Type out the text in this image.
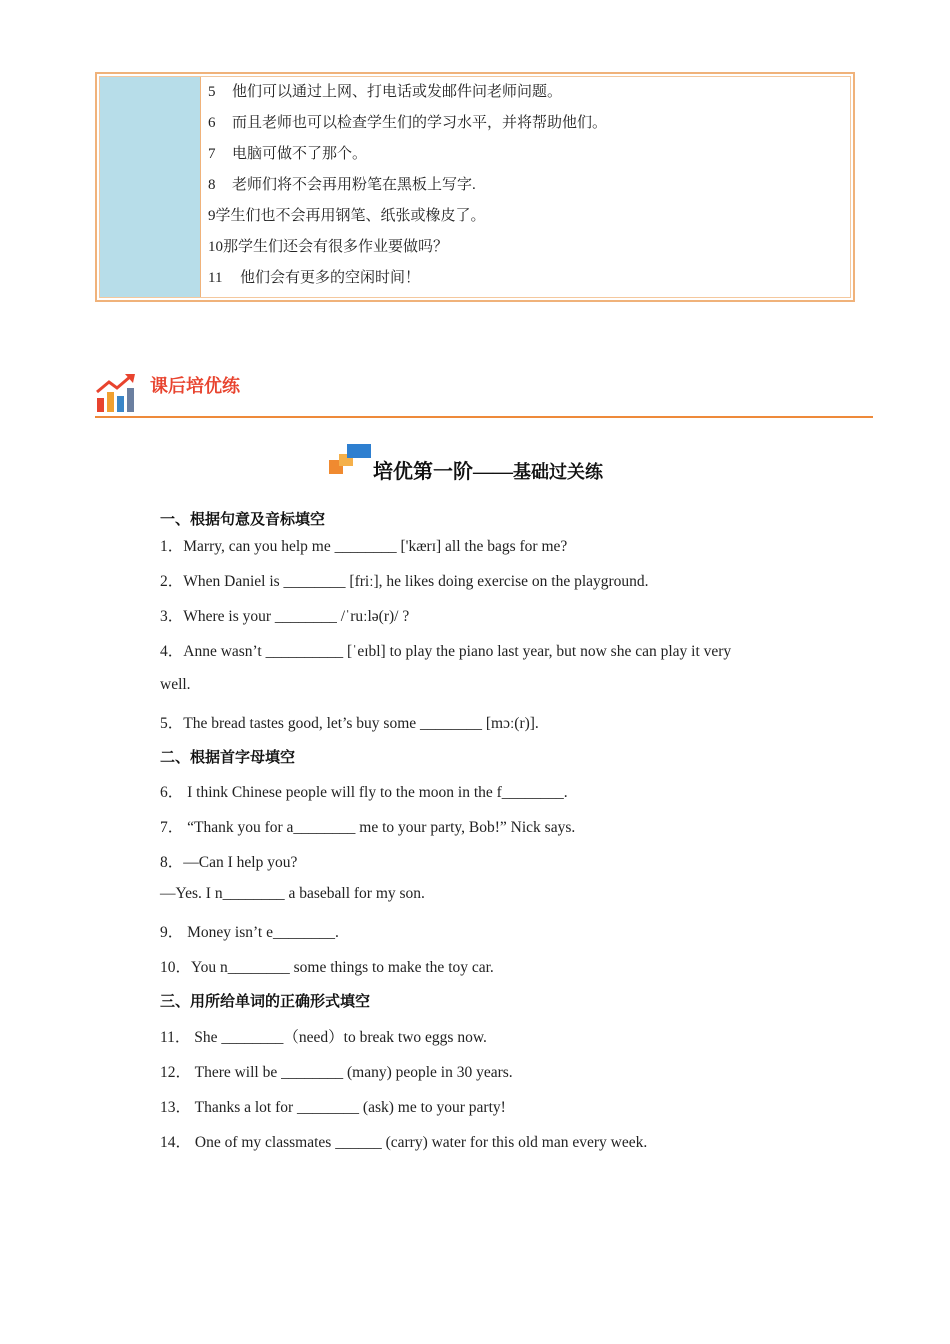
5 他们可以通过上网、打电话或发邮件问老师问题。
6 而且老师也可以检查学生们的学习水平，并将帮助他们。
7 电脑可做不了那个。
8 老师们将不会再用粉笔在黑板上写字.
9学生们也不会再用钢笔、纸张或橡皮了。
10那学生们还会有很多作业要做吗？
11 他们会有更多的空闲时间！
课后培优练
培优第一阶——基础过关练
一、根据句意及音标填空
1．Marry, can you help me ________ ['kærɪ] all the bags for me?
2．When Daniel is ________ [friː], he likes doing exercise on the playground.
3．Where is your ________ /ˈruːlə(r)/ ?
4．Anne wasn’t __________ [ˈeɪbl] to play the piano last year, but now she can play it very
well.
5．The bread tastes good, let’s buy some ________ [mɔː(r)].
二、根据首字母填空
6． I think Chinese people will fly to the moon in the f________.
7． “Thank you for a________ me to your party, Bob!” Nick says.
8．—Can I help you?
—Yes. I n________ a baseball for my son.
9． Money isn’t e________.
10．You n________ some things to make the toy car.
三、用所给单词的正确形式填空
11． She ________（need）to break two eggs now.
12． There will be ________ (many) people in 30 years.
13． Thanks a lot for ________ (ask) me to your party!
14． One of my classmates ______ (carry) water for this old man every week.
